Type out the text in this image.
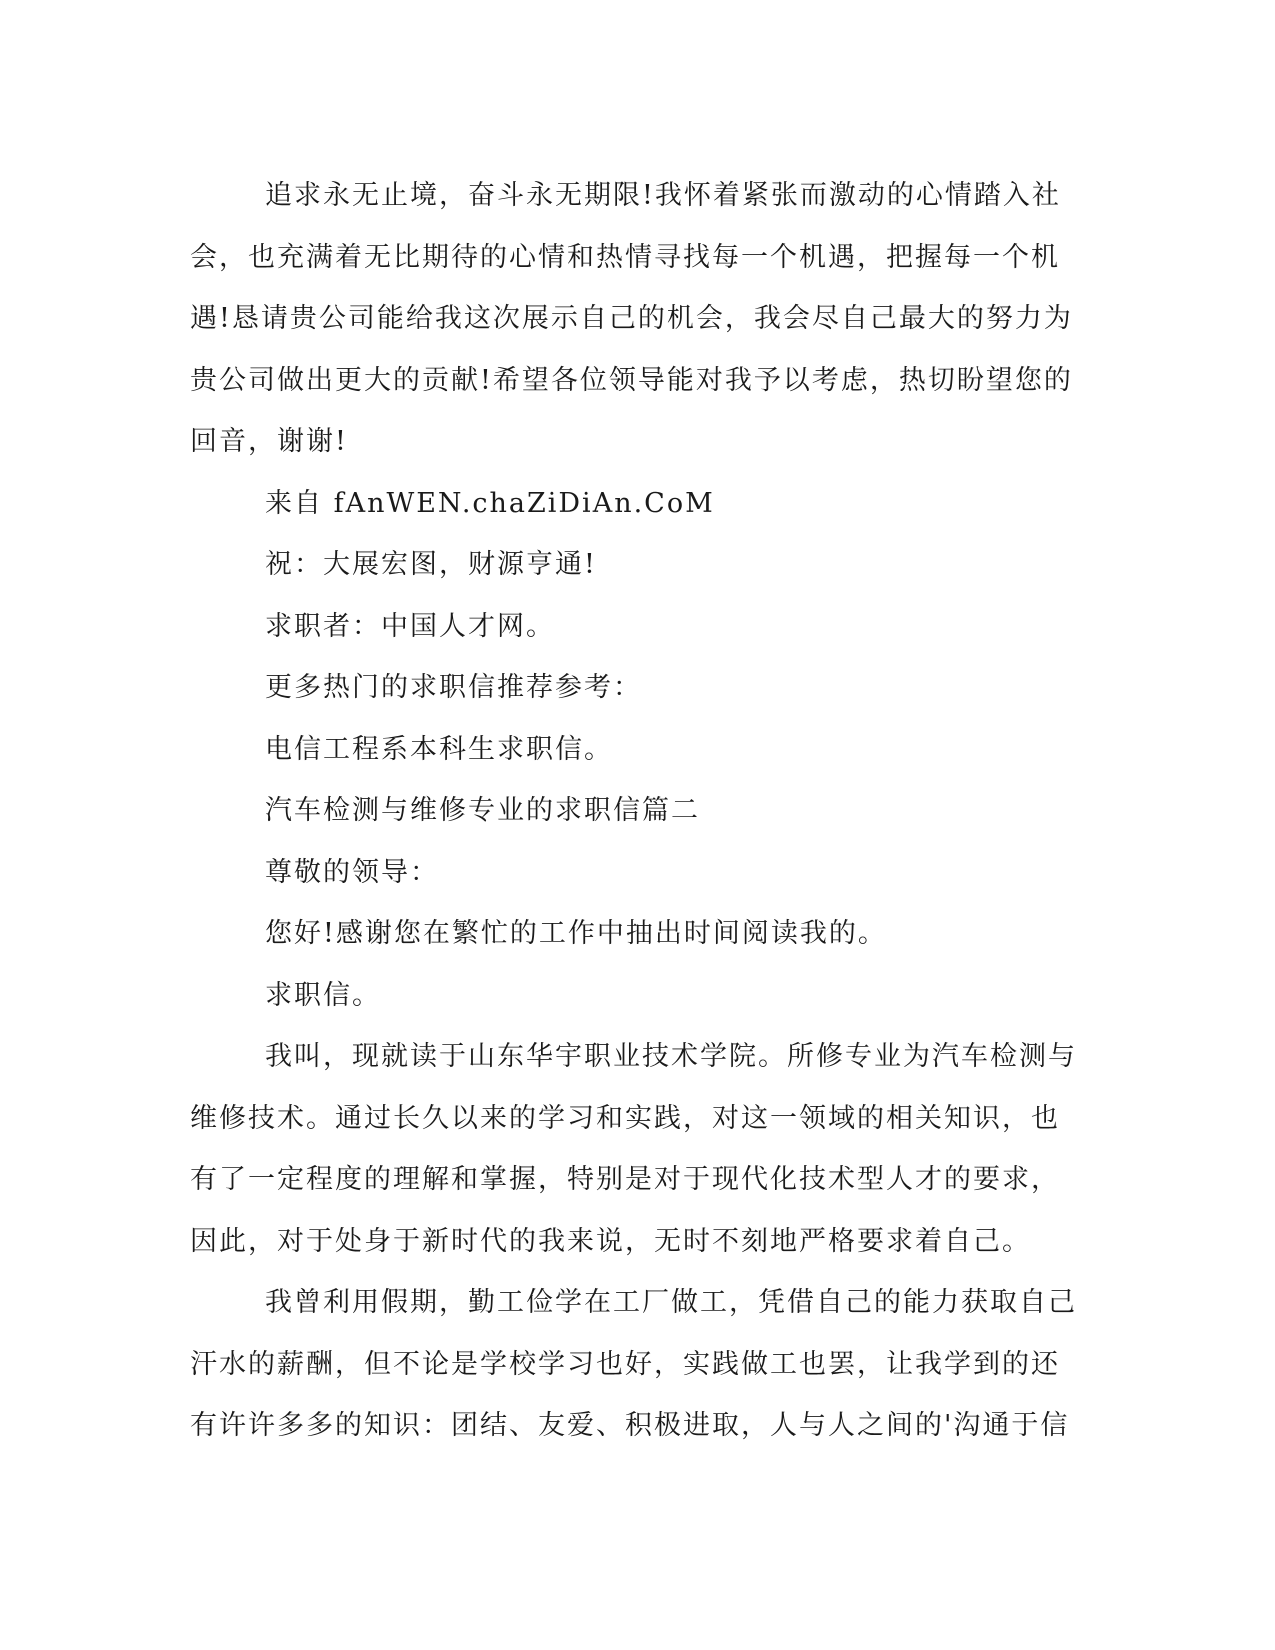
追求永无止境，奋斗永无期限!我怀着紧张而激动的心情踏入社
会，也充满着无比期待的心情和热情寻找每一个机遇，把握每一个机
遇!恳请贵公司能给我这次展示自己的机会，我会尽自己最大的努力为
贵公司做出更大的贡献!希望各位领导能对我予以考虑，热切盼望您的
回音，谢谢!
来自 fAnWEN.chaZiDiAn.CoM
祝：大展宏图，财源亨通!
求职者：中国人才网。
更多热门的求职信推荐参考：
电信工程系本科生求职信。
汽车检测与维修专业的求职信篇二
尊敬的领导：
您好!感谢您在繁忙的工作中抽出时间阅读我的。
求职信。
我叫，现就读于山东华宇职业技术学院。所修专业为汽车检测与
维修技术。通过长久以来的学习和实践，对这一领域的相关知识，也
有了一定程度的理解和掌握，特别是对于现代化技术型人才的要求，
因此，对于处身于新时代的我来说，无时不刻地严格要求着自己。
我曾利用假期，勤工俭学在工厂做工，凭借自己的能力获取自己
汗水的薪酬，但不论是学校学习也好，实践做工也罢，让我学到的还
有许许多多的知识：团结、友爱、积极进取，人与人之间的'沟通于信
